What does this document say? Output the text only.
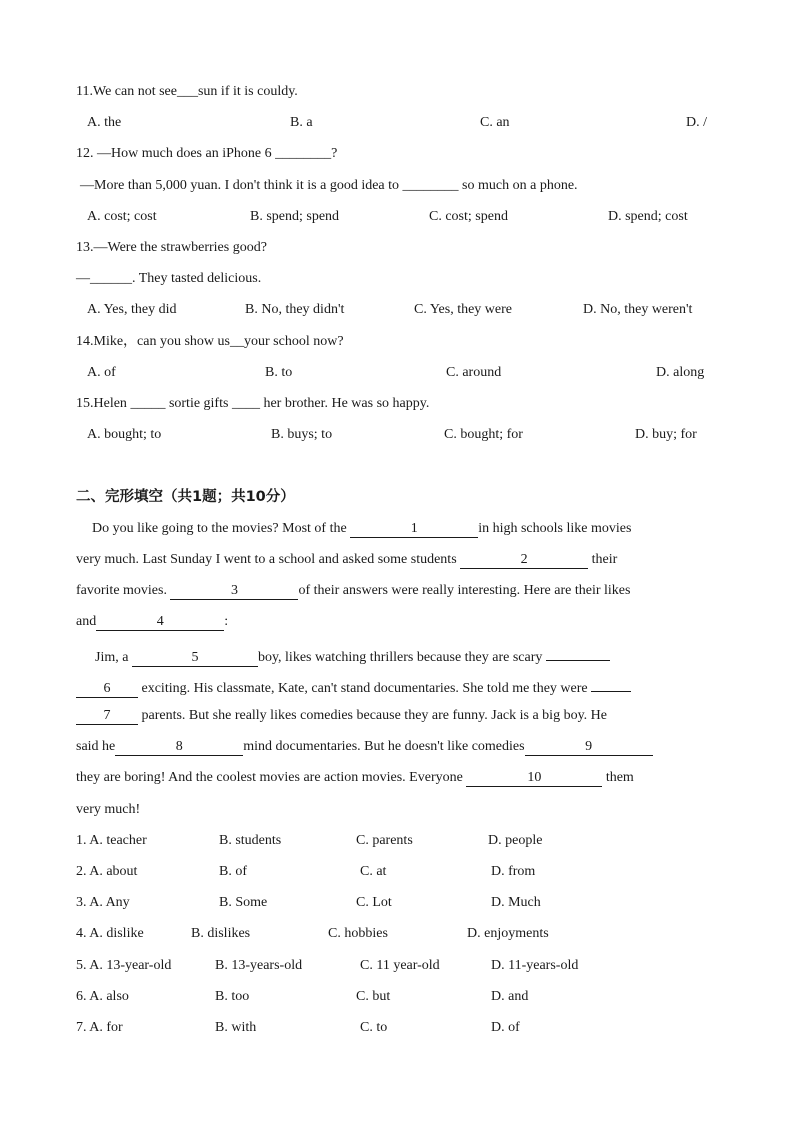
11.We can not see___sun if it is couldy.
A. the	B. a	C. an	D. /
12. —How much does an iPhone 6 ________?
—More than 5,000 yuan. I don't think it is a good idea to ________ so much on a phone.
A. cost; cost	B. spend; spend	C. cost; spend	D. spend; cost
13.—Were the strawberries good?
—______. They tasted delicious.
A. Yes, they did	B. No, they didn't	C. Yes, they were	D. No, they weren't
14.Mike，can you show us__your school now?
A. of	B. to	C. around	D. along
15.Helen _____ sortie gifts ____ her brother. He was so happy.
A. bought; to	B. buys; to	C. bought; for	D. buy; for
二、完形填空（共1题；共10分）
Do you like going to the movies? Most of the	1	in high schools like movies
very much. Last Sunday I went to a school and asked some students	2	their
favorite movies.	3	of their answers were really interesting. Here are their likes
and	4	:
Jim, a	5	boy, likes watching thrillers because they are scary
6 exciting. His classmate, Kate, can't stand documentaries. She told me they were
7 parents. But she really likes comedies because they are funny. Jack is a big boy. He
said he	8	mind documentaries. But he doesn't like comedies	9
they are boring! And the coolest movies are action movies. Everyone	10	them
very much!
1. A. teacher	B. students	C. parents	D. people
2. A. about	B. of	C. at	D. from
3. A. Any	B. Some	C. Lot	D. Much
4. A. dislike	B. dislikes	C. hobbies	D. enjoyments
5. A. 13-year-old	B. 13-years-old	C. 11 year-old	D. 11-years-old
6. A. also	B. too	C. but	D. and
7. A. for	B. with	C. to	D. of
